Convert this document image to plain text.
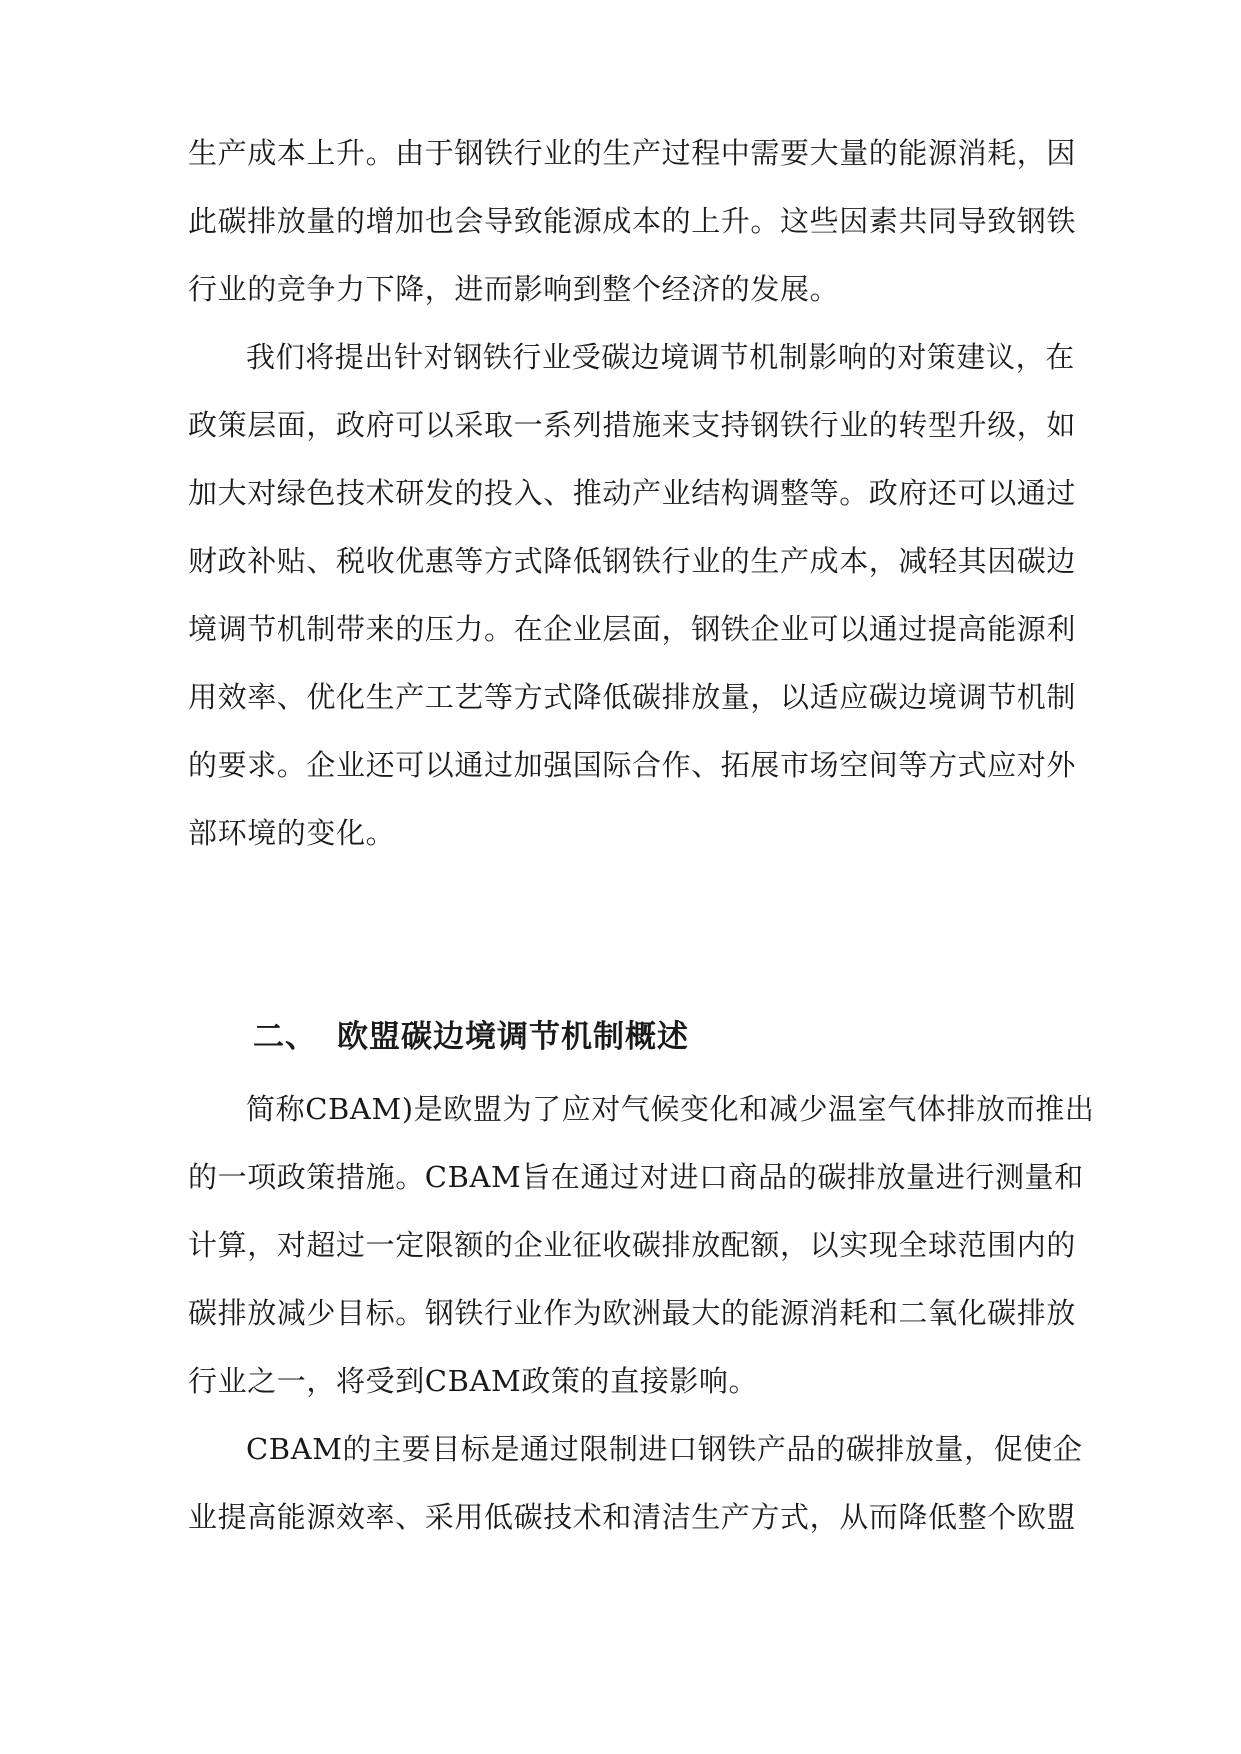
生产成本上升。由于钢铁行业的生产过程中需要大量的能源消耗，因
此碳排放量的增加也会导致能源成本的上升。这些因素共同导致钢铁
行业的竞争力下降，进而影响到整个经济的发展。
我们将提出针对钢铁行业受碳边境调节机制影响的对策建议，在
政策层面，政府可以采取一系列措施来支持钢铁行业的转型升级，如
加大对绿色技术研发的投入、推动产业结构调整等。政府还可以通过
财政补贴、税收优惠等方式降低钢铁行业的生产成本，减轻其因碳边
境调节机制带来的压力。在企业层面，钢铁企业可以通过提高能源利
用效率、优化生产工艺等方式降低碳排放量，以适应碳边境调节机制
的要求。企业还可以通过加强国际合作、拓展市场空间等方式应对外
部环境的变化。
二、 欧盟碳边境调节机制概述
简称CBAM)是欧盟为了应对气候变化和减少温室气体排放而推出
的一项政策措施。CBAM旨在通过对进口商品的碳排放量进行测量和
计算，对超过一定限额的企业征收碳排放配额，以实现全球范围内的
碳排放减少目标。钢铁行业作为欧洲最大的能源消耗和二氧化碳排放
行业之一，将受到CBAM政策的直接影响。
CBAM的主要目标是通过限制进口钢铁产品的碳排放量，促使企
业提高能源效率、采用低碳技术和清洁生产方式，从而降低整个欧盟
